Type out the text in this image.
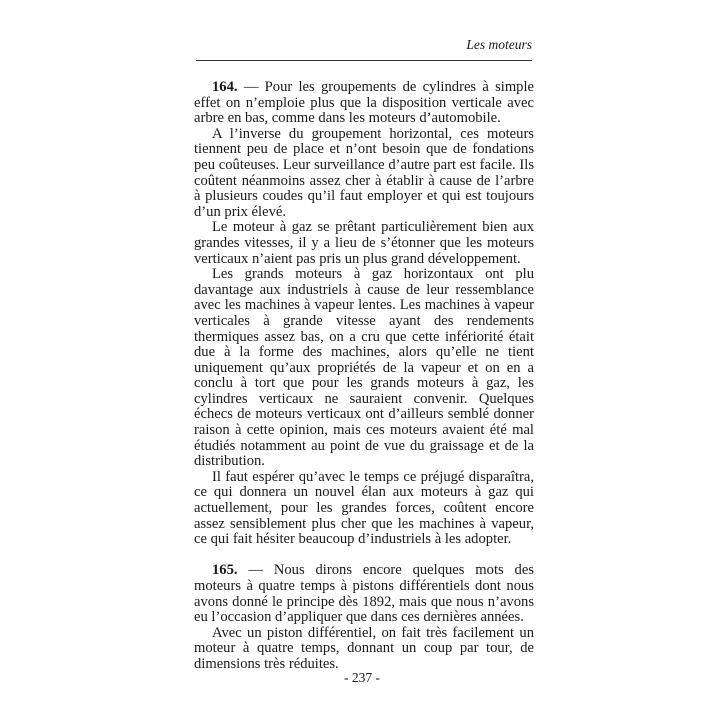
Les moteurs

164. — Pour les groupements de cylindres à simple effet on n’emploie plus que la disposition verticale avec arbre en bas, comme dans les moteurs d’automobile.

A l’inverse du groupement horizontal, ces moteurs tiennent peu de place et n’ont besoin que de fondations peu coûteuses. Leur surveillance d’autre part est facile. Ils coûtent néanmoins assez cher à établir à cause de l’arbre à plusieurs coudes qu’il faut employer et qui est toujours d’un prix élevé.

Le moteur à gaz se prêtant particulièrement bien aux grandes vitesses, il y a lieu de s’étonner que les moteurs verticaux n’aient pas pris un plus grand développement.

Les grands moteurs à gaz horizontaux ont plu davantage aux industriels à cause de leur ressemblance avec les machines à vapeur lentes. Les machines à vapeur verticales à grande vitesse ayant des rendements thermiques assez bas, on a cru que cette infériorité était due à la forme des machines, alors qu’elle ne tient uniquement qu’aux propriétés de la vapeur et on en a conclu à tort que pour les grands moteurs à gaz, les cylindres verticaux ne sauraient convenir. Quelques échecs de moteurs verticaux ont d’ailleurs semblé donner raison à cette opinion, mais ces moteurs avaient été mal étudiés notamment au point de vue du graissage et de la distribution.

Il faut espérer qu’avec le temps ce préjugé disparaîtra, ce qui donnera un nouvel élan aux moteurs à gaz qui actuellement, pour les grandes forces, coûtent encore assez sensiblement plus cher que les machines à vapeur, ce qui fait hésiter beaucoup d’industriels à les adopter.

165. — Nous dirons encore quelques mots des moteurs à quatre temps à pistons différentiels dont nous avons donné le principe dès 1892, mais que nous n’avons eu l’occasion d’appliquer que dans ces dernières années.

Avec un piston différentiel, on fait très facilement un moteur à quatre temps, donnant un coup par tour, de dimensions très réduites.

- 237 -
